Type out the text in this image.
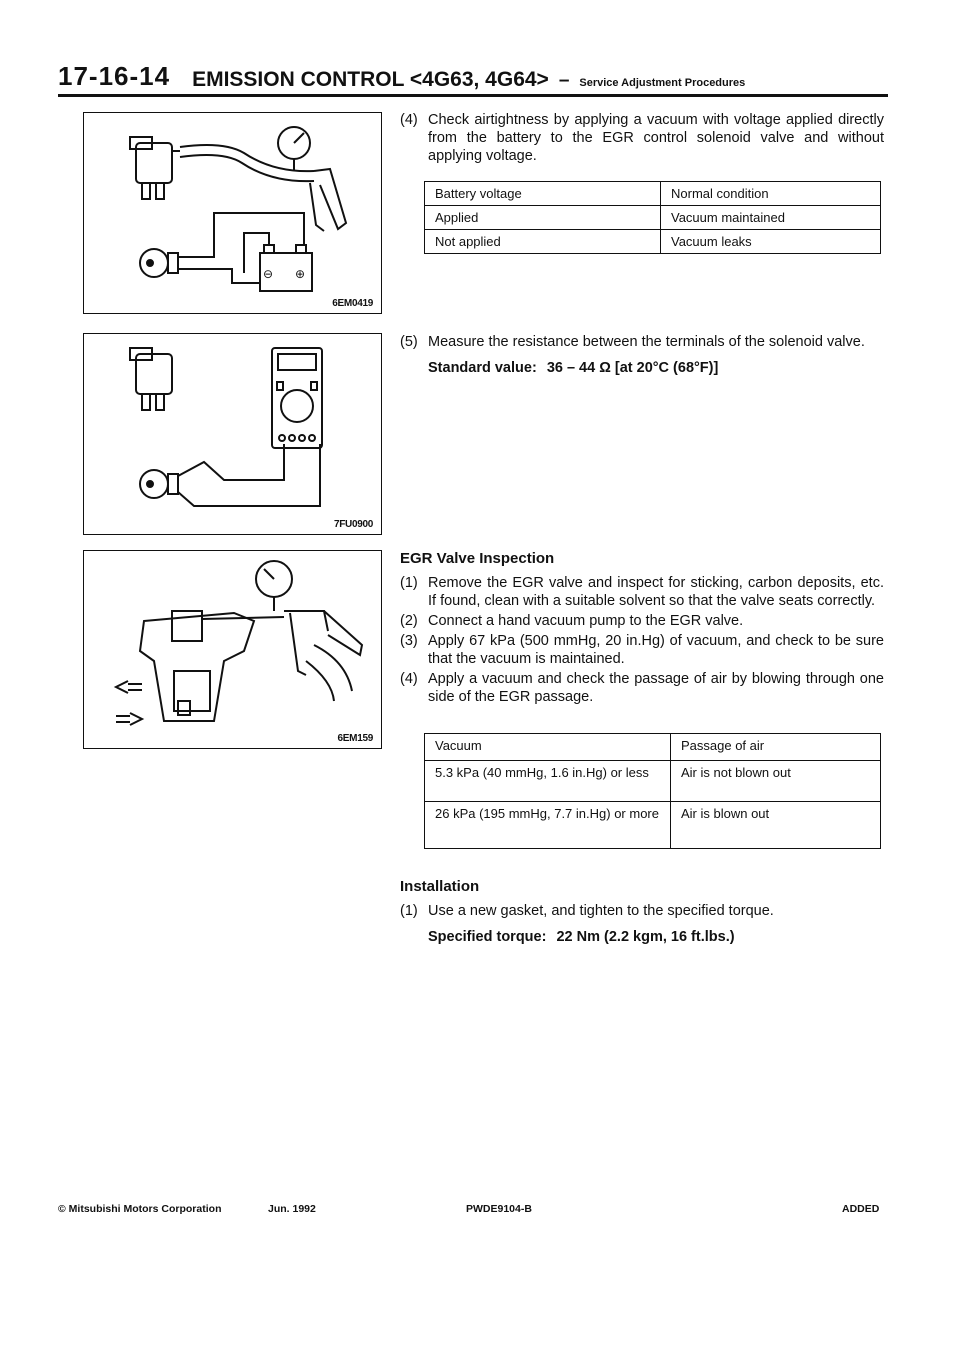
17-16-14 EMISSION CONTROL <4G63, 4G64> – Service Adjustment Procedures
⊖ ⊕
6EM0419
7FU0900
6EM159
(4) Check airtightness by applying a vacuum with voltage applied directly from the battery to the EGR control solenoid valve and without applying voltage.
Battery voltage	Normal condition
Applied	Vacuum maintained
Not applied	Vacuum leaks
(5) Measure the resistance between the terminals of the solenoid valve.
Standard value: 36 – 44 Ω [at 20°C (68°F)]
EGR Valve Inspection
(1) Remove the EGR valve and inspect for sticking, carbon deposits, etc. If found, clean with a suitable solvent so that the valve seats correctly.
(2) Connect a hand vacuum pump to the EGR valve.
(3) Apply 67 kPa (500 mmHg, 20 in.Hg) of vacuum, and check to be sure that the vacuum is maintained.
(4) Apply a vacuum and check the passage of air by blowing through one side of the EGR passage.
Vacuum	Passage of air
5.3 kPa (40 mmHg, 1.6 in.Hg) or less	Air is not blown out
26 kPa (195 mmHg, 7.7 in.Hg) or more	Air is blown out
Installation
(1) Use a new gasket, and tighten to the specified torque.
Specified torque: 22 Nm (2.2 kgm, 16 ft.lbs.)
© Mitsubishi Motors Corporation	Jun. 1992	PWDE9104-B	ADDED
